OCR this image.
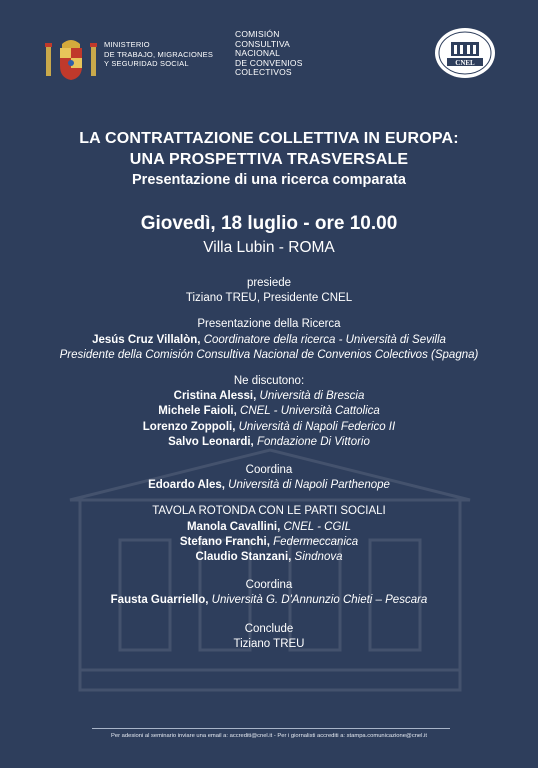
MINISTERIO
DE TRABAJO, MIGRACIONES
Y SEGURIDAD SOCIAL
COMISIÓN
CONSULTIVA
NACIONAL
DE CONVENIOS
COLECTIVOS
CNEL
LA CONTRATTAZIONE COLLETTIVA IN EUROPA:
UNA PROSPETTIVA TRASVERSALE
Presentazione di una ricerca comparata
Giovedì, 18 luglio - ore 10.00
Villa Lubin - ROMA
presiede
Tiziano TREU, Presidente CNEL
Presentazione della Ricerca
Jesús Cruz Villalòn, Coordinatore della ricerca - Università di Sevilla
Presidente della Comisión Consultiva Nacional de Convenios Colectivos (Spagna)
Ne discutono:
Cristina Alessi, Università di Brescia
Michele Faioli, CNEL - Università Cattolica
Lorenzo Zoppoli, Università di Napoli Federico II
Salvo Leonardi, Fondazione Di Vittorio
Coordina
Edoardo Ales, Università di Napoli Parthenope
TAVOLA ROTONDA CON LE PARTI SOCIALI
Manola Cavallini, CNEL - CGIL
Stefano Franchi, Federmeccanica
Claudio Stanzani, Sindnova
Coordina
Fausta Guarriello, Università G. D'Annunzio Chieti – Pescara
Conclude
Tiziano TREU
Per adesioni al seminario inviare una email a: accrediti@cnel.it - Per i giornalisti accrediti a: stampa.comunicazione@cnel.it
